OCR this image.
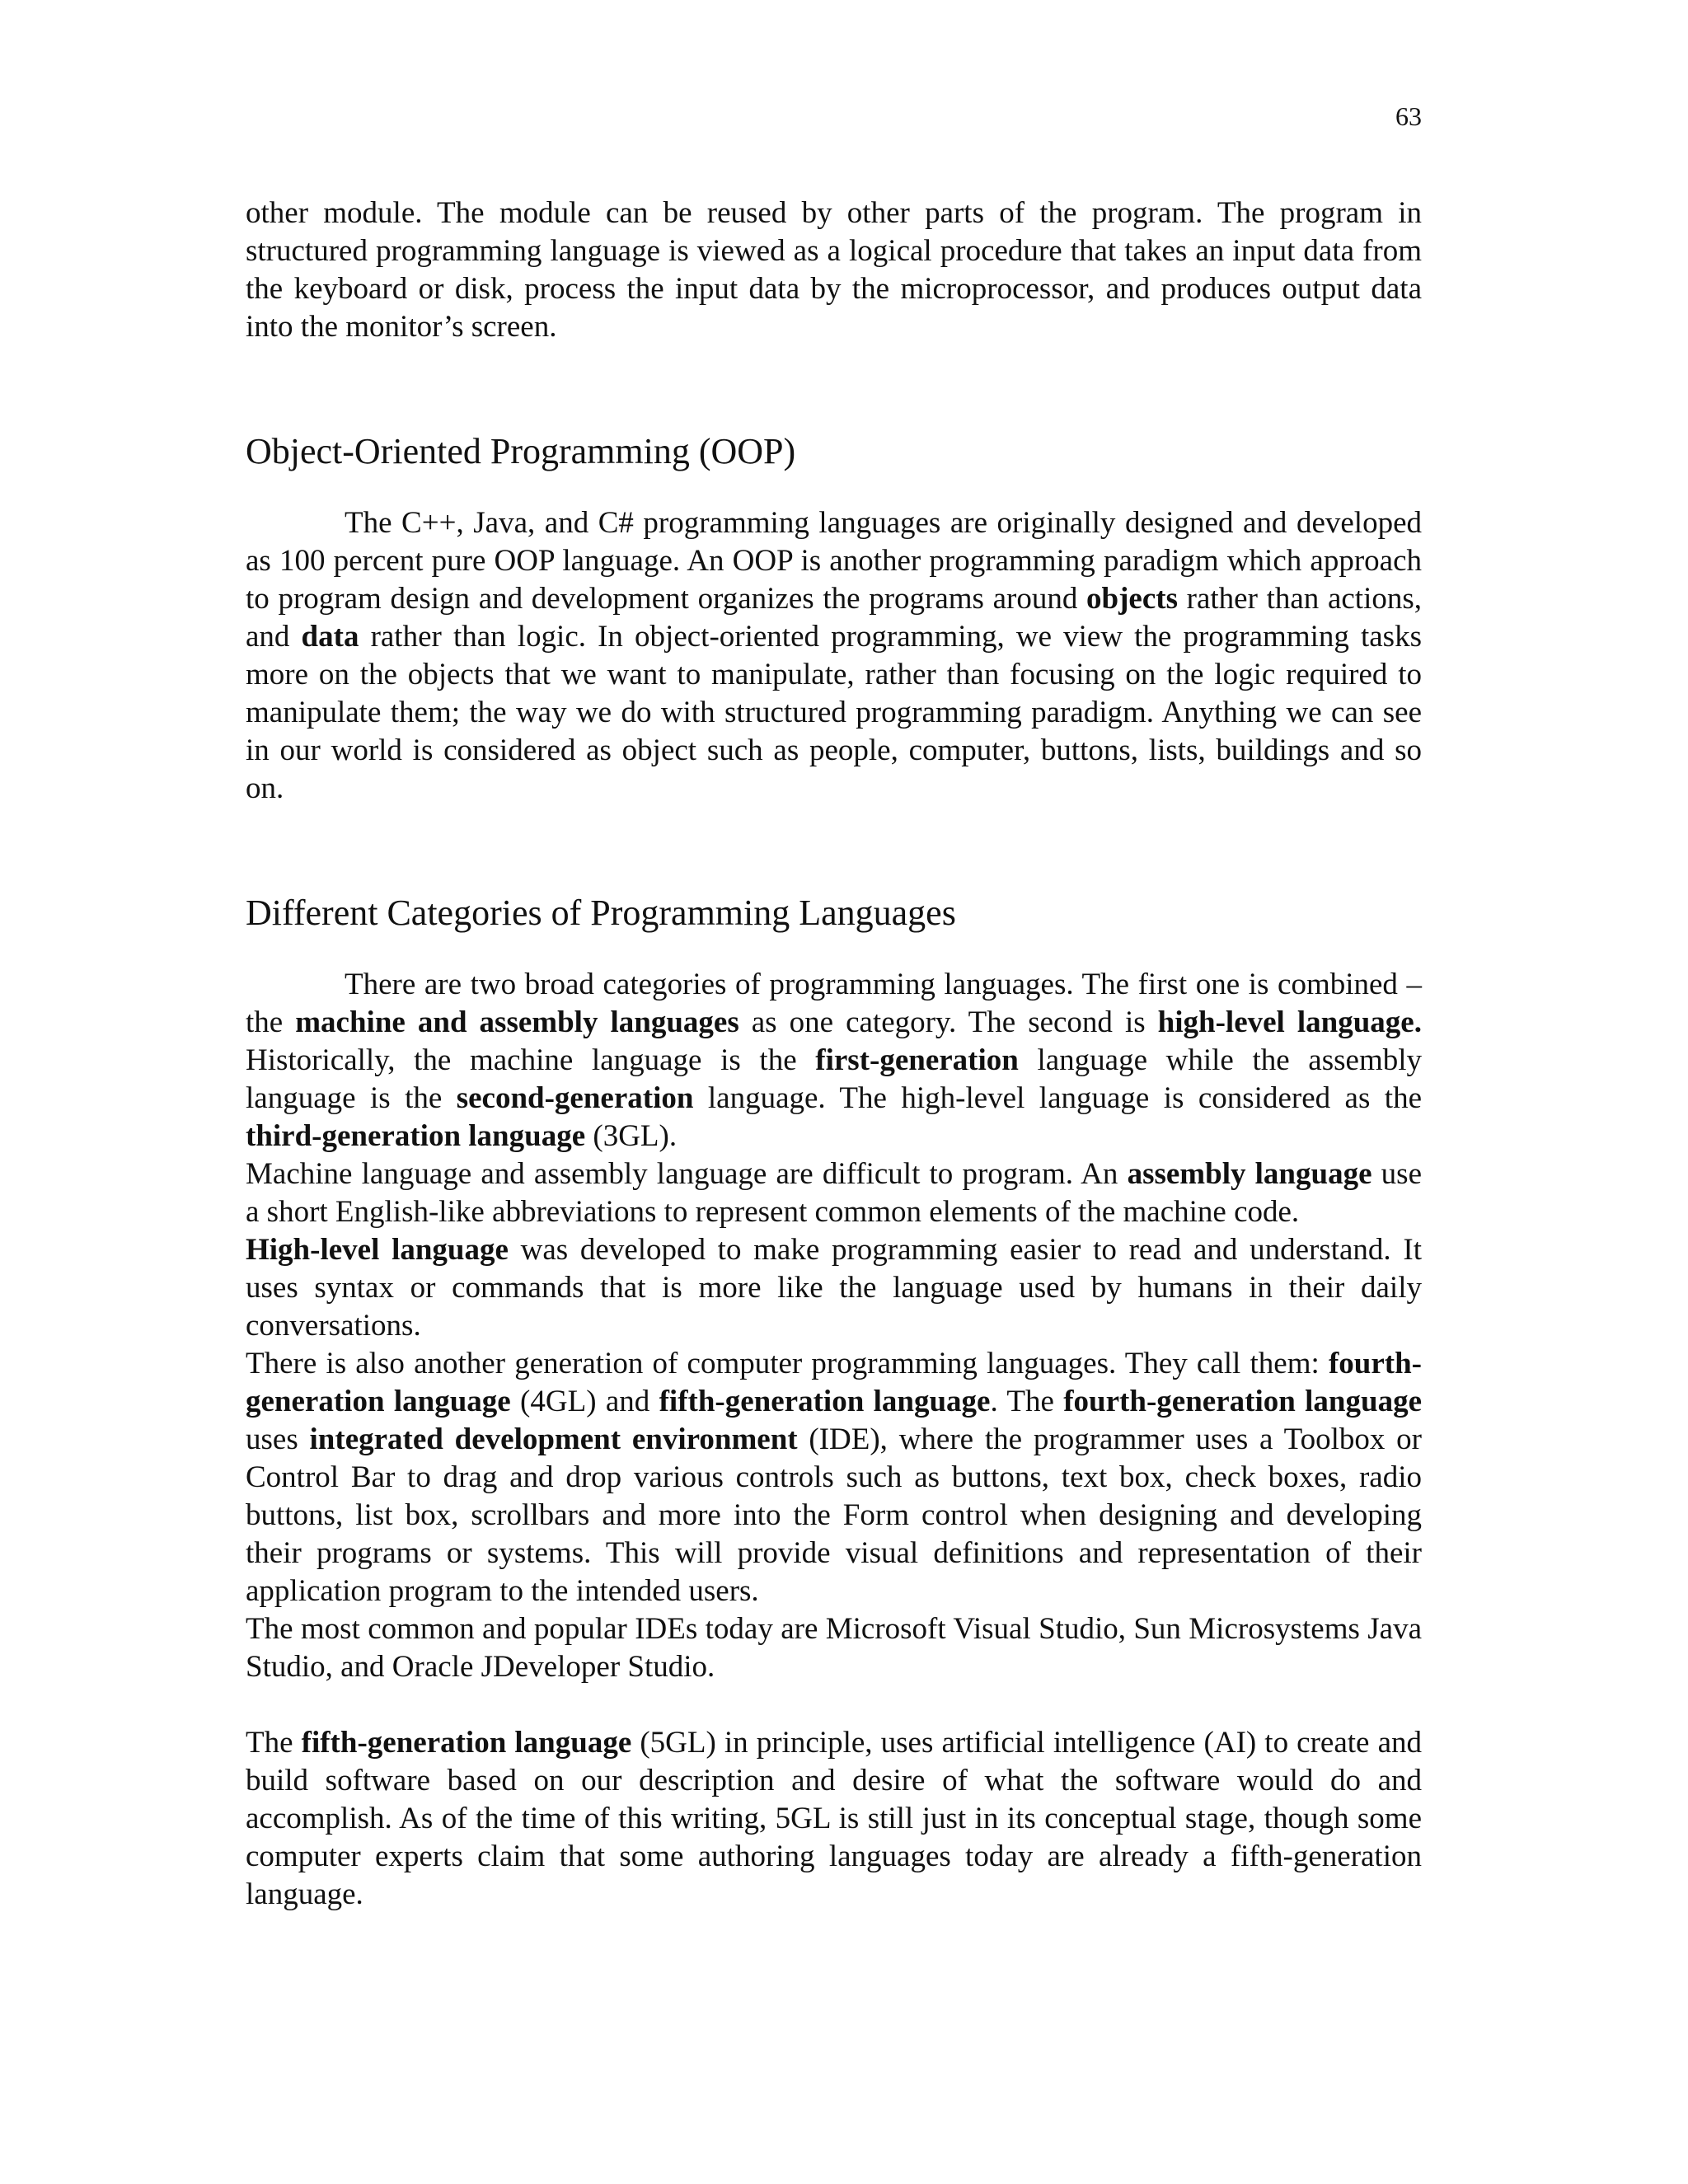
63

other module. The module can be reused by other parts of the program. The program in structured programming language is viewed as a logical procedure that takes an input data from the keyboard or disk, process the input data by the microprocessor, and produces output data into the monitor’s screen.

Object-Oriented Programming (OOP)

The C++, Java, and C# programming languages are originally designed and developed as 100 percent pure OOP language. An OOP is another programming paradigm which approach to program design and development organizes the programs around objects rather than actions, and data rather than logic. In object-oriented programming, we view the programming tasks more on the objects that we want to manipulate, rather than focusing on the logic required to manipulate them; the way we do with structured programming paradigm. Anything we can see in our world is considered as object such as people, computer, buttons, lists, buildings and so on.

Different Categories of Programming Languages

There are two broad categories of programming languages. The first one is combined – the machine and assembly languages as one category. The second is high-level language. Historically, the machine language is the first-generation language while the assembly language is the second-generation language. The high-level language is considered as the third-generation language (3GL).

Machine language and assembly language are difficult to program. An assembly language use a short English-like abbreviations to represent common elements of the machine code.

High-level language was developed to make programming easier to read and understand. It uses syntax or commands that is more like the language used by humans in their daily conversations.

There is also another generation of computer programming languages. They call them: fourth-generation language (4GL) and fifth-generation language. The fourth-generation language uses integrated development environment (IDE), where the programmer uses a Toolbox or Control Bar to drag and drop various controls such as buttons, text box, check boxes, radio buttons, list box, scrollbars and more into the Form control when designing and developing their programs or systems. This will provide visual definitions and representation of their application program to the intended users.

The most common and popular IDEs today are Microsoft Visual Studio, Sun Microsystems Java Studio, and Oracle JDeveloper Studio.

The fifth-generation language (5GL) in principle, uses artificial intelligence (AI) to create and build software based on our description and desire of what the software would do and accomplish. As of the time of this writing, 5GL is still just in its conceptual stage, though some computer experts claim that some authoring languages today are already a fifth-generation language.
